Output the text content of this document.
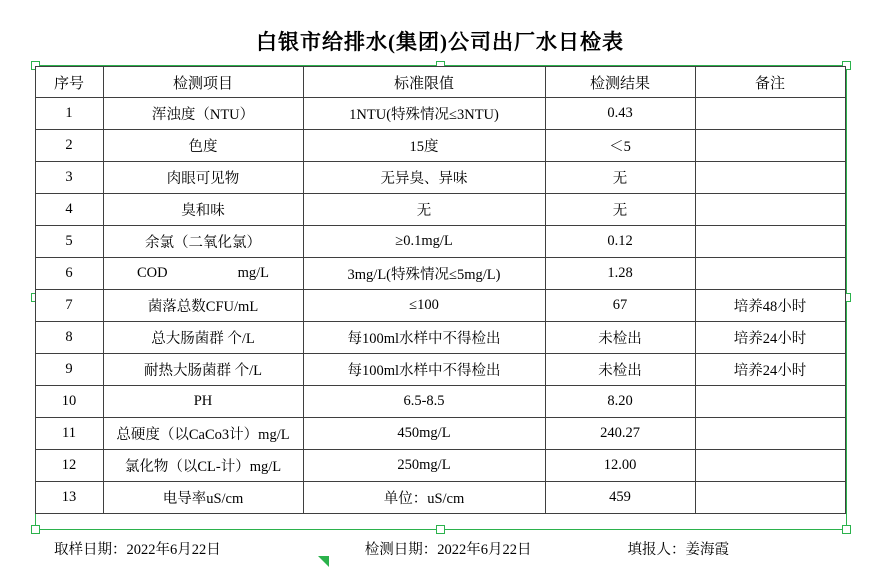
白银市给排水(集团)公司出厂水日检表
序号	检测项目	标准限值	检测结果	备注
1	浑浊度（NTU）	1NTU(特殊情况≤3NTU)	0.43	
2	色度	15度	＜5	
3	肉眼可见物	无异臭、异味	无	
4	臭和味	无	无	
5	余氯（二氧化氯）	≥0.1mg/L	0.12	
6	COD mg/L	3mg/L(特殊情况≤5mg/L)	1.28	
7	菌落总数CFU/mL	≤100	67	培养48小时
8	总大肠菌群 个/L	每100ml水样中不得检出	未检出	培养24小时
9	耐热大肠菌群 个/L	每100ml水样中不得检出	未检出	培养24小时
10	PH	6.5-8.5	8.20	
11	总硬度（以CaCo3计）mg/L	450mg/L	240.27	
12	氯化物（以CL-计）mg/L	250mg/L	12.00	
13	电导率uS/cm	单位：uS/cm	459	
取样日期：2022年6月22日	检测日期：2022年6月22日	填报人：姜海霞
